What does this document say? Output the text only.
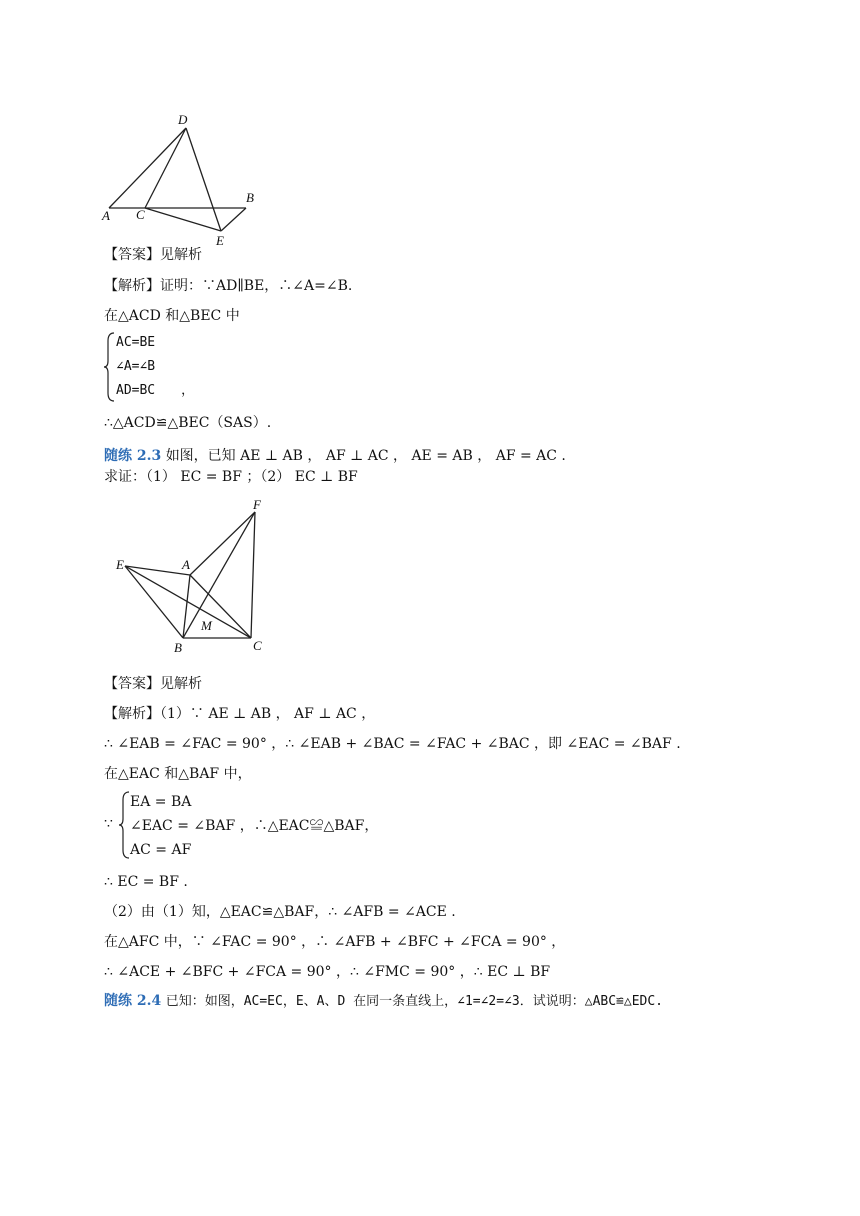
D
A C
B
E
【答案】见解析
【解析】证明：∵AD∥BE，∴∠A=∠B.
在△ACD 和△BEC 中
AC=BE
∠A=∠B
AD=BC ，
∴△ACD≌△BEC（SAS）.
随练 2.3 如图，已知 AE ⊥ AB ， AF ⊥ AC ， AE = AB ， AF = AC .
求证：（1） EC = BF ；（2） EC ⊥ BF
F
E	A
M
B	C
【答案】见解析
【解析】（1）∵ AE ⊥ AB ， AF ⊥ AC ，
∴ ∠EAB = ∠FAC = 90° ，∴ ∠EAB + ∠BAC = ∠FAC + ∠BAC ，即 ∠EAC = ∠BAF .
在△EAC 和△BAF 中，
∵
EA = BA
∠EAC = ∠BAF ，∴△EAC≌△BAF，
AC = AF
∴ EC = BF .
（2）由（1）知，△EAC≌△BAF，∴ ∠AFB = ∠ACE .
在△AFC 中，∵ ∠FAC = 90° ，∴ ∠AFB + ∠BFC + ∠FCA = 90° ，
∴ ∠ACE + ∠BFC + ∠FCA = 90° ，∴ ∠FMC = 90° ，∴ EC ⊥ BF
随练 2.4 已知：如图，AC=EC，E、A、D 在同一条直线上，∠1=∠2=∠3．试说明：△ABC≌△EDC.
